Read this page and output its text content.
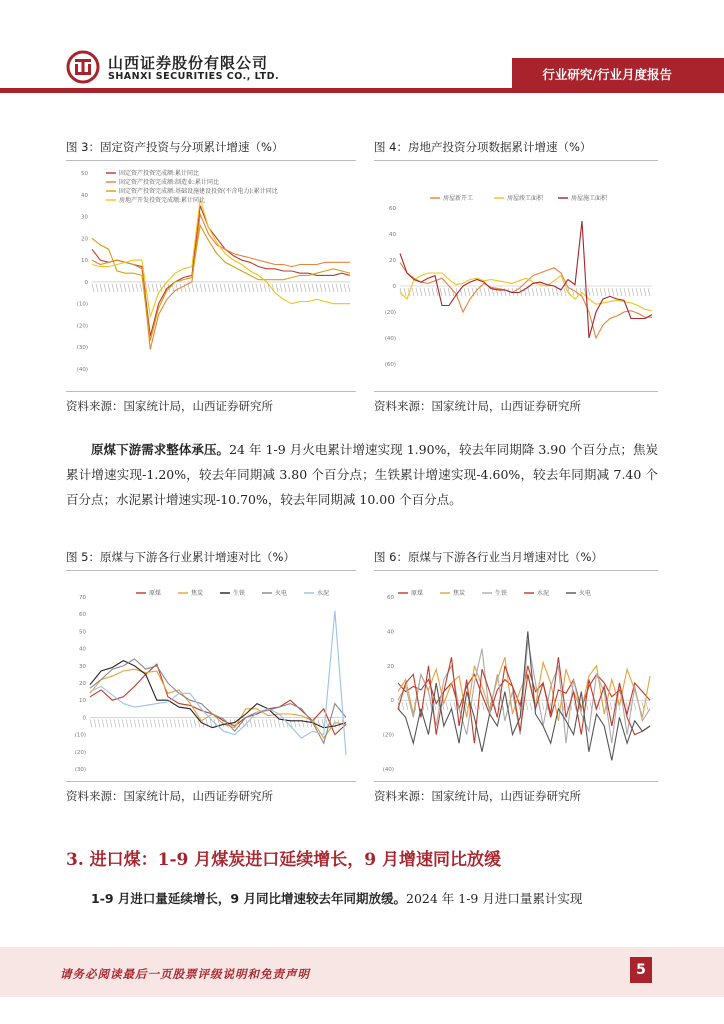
山西证券股份有限公司
SHANXI SECURITIES CO., LTD.	行业研究/行业月度报告
图 3：固定资产投资与分项累计增速（%）
50
40
30
20
10
0
(10)
(20)
(30)
(40)
固定资产投资完成额:累计同比
固定资产投资完成额:制造业:累计同比
固定资产投资完成额:基础设施建设投资(不含电力):累计同比
房地产开发投资完成额:累计同比
资料来源：国家统计局，山西证券研究所
图 4：房地产投资分项数据累计增速（%）
60
40
20
0
(20)
(40)
(60)
房屋新开工	房屋竣工面积	房屋施工面积
资料来源：国家统计局，山西证券研究所
原煤下游需求整体承压。24 年 1-9 月火电累计增速实现 1.90%，较去年同期降 3.90 个百分点；焦炭累计增速实现-1.20%，较去年同期减 3.80 个百分点；生铁累计增速实现-4.60%，较去年同期减 7.40 个百分点；水泥累计增速实现-10.70%，较去年同期减 10.00 个百分点。
图 5：原煤与下游各行业累计增速对比（%）
70
60
50
40
30
20
10
0
(10)
(20)
(30)
原煤	焦炭	生铁	火电	水泥
资料来源：国家统计局，山西证券研究所
图 6：原煤与下游各行业当月增速对比（%）
60
40
20
0
(20)
(40)
原煤	焦炭	生铁	水泥	火电
资料来源：国家统计局，山西证券研究所
3. 进口煤：1-9 月煤炭进口延续增长，9 月增速同比放缓
1-9 月进口量延续增长，9 月同比增速较去年同期放缓。2024 年 1-9 月进口量累计实现
请务必阅读最后一页股票评级说明和免责声明	5
